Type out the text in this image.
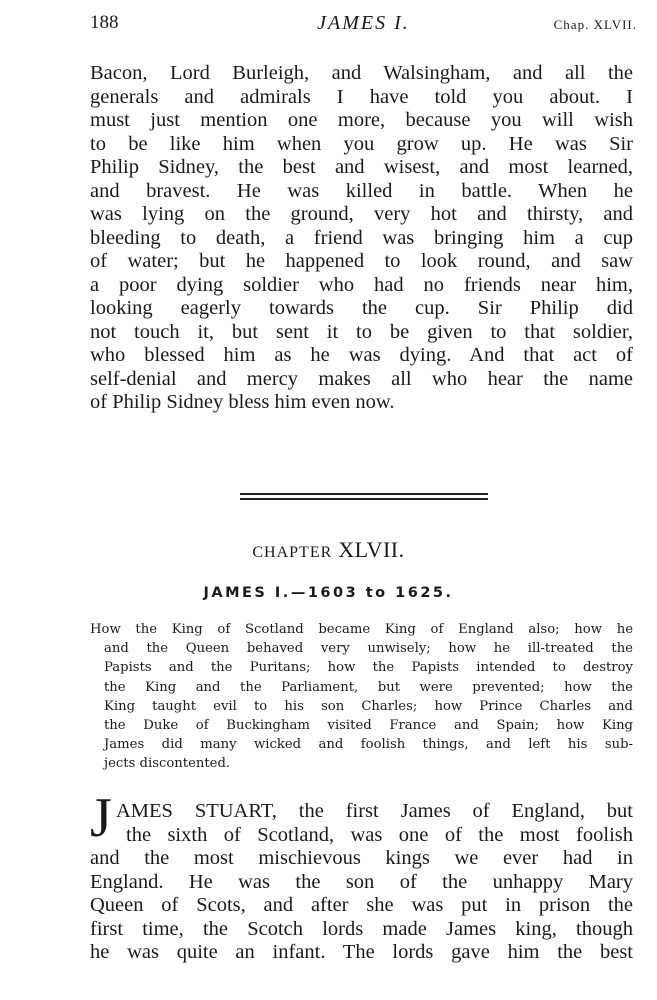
188	JAMES I.	Chap. XLVII.
Bacon, Lord Burleigh, and Walsingham, and all the
generals and admirals I have told you about. I
must just mention one more, because you will wish
to be like him when you grow up. He was Sir
Philip Sidney, the best and wisest, and most learned,
and bravest. He was killed in battle. When he
was lying on the ground, very hot and thirsty, and
bleeding to death, a friend was bringing him a cup
of water; but he happened to look round, and saw
a poor dying soldier who had no friends near him,
looking eagerly towards the cup. Sir Philip did
not touch it, but sent it to be given to that soldier,
who blessed him as he was dying. And that act of
self-denial and mercy makes all who hear the name
of Philip Sidney bless him even now.
CHAPTER XLVII.
JAMES I.—1603 to 1625.
How the King of Scotland became King of England also; how he
and the Queen behaved very unwisely; how he ill-treated the
Papists and the Puritans; how the Papists intended to destroy
the King and the Parliament, but were prevented; how the
King taught evil to his son Charles; how Prince Charles and
the Duke of Buckingham visited France and Spain; how King
James did many wicked and foolish things, and left his sub-
jects discontented.
J AMES STUART, the first James of England, but
the sixth of Scotland, was one of the most foolish
and the most mischievous kings we ever had in
England. He was the son of the unhappy Mary
Queen of Scots, and after she was put in prison the
first time, the Scotch lords made James king, though
he was quite an infant. The lords gave him the best
